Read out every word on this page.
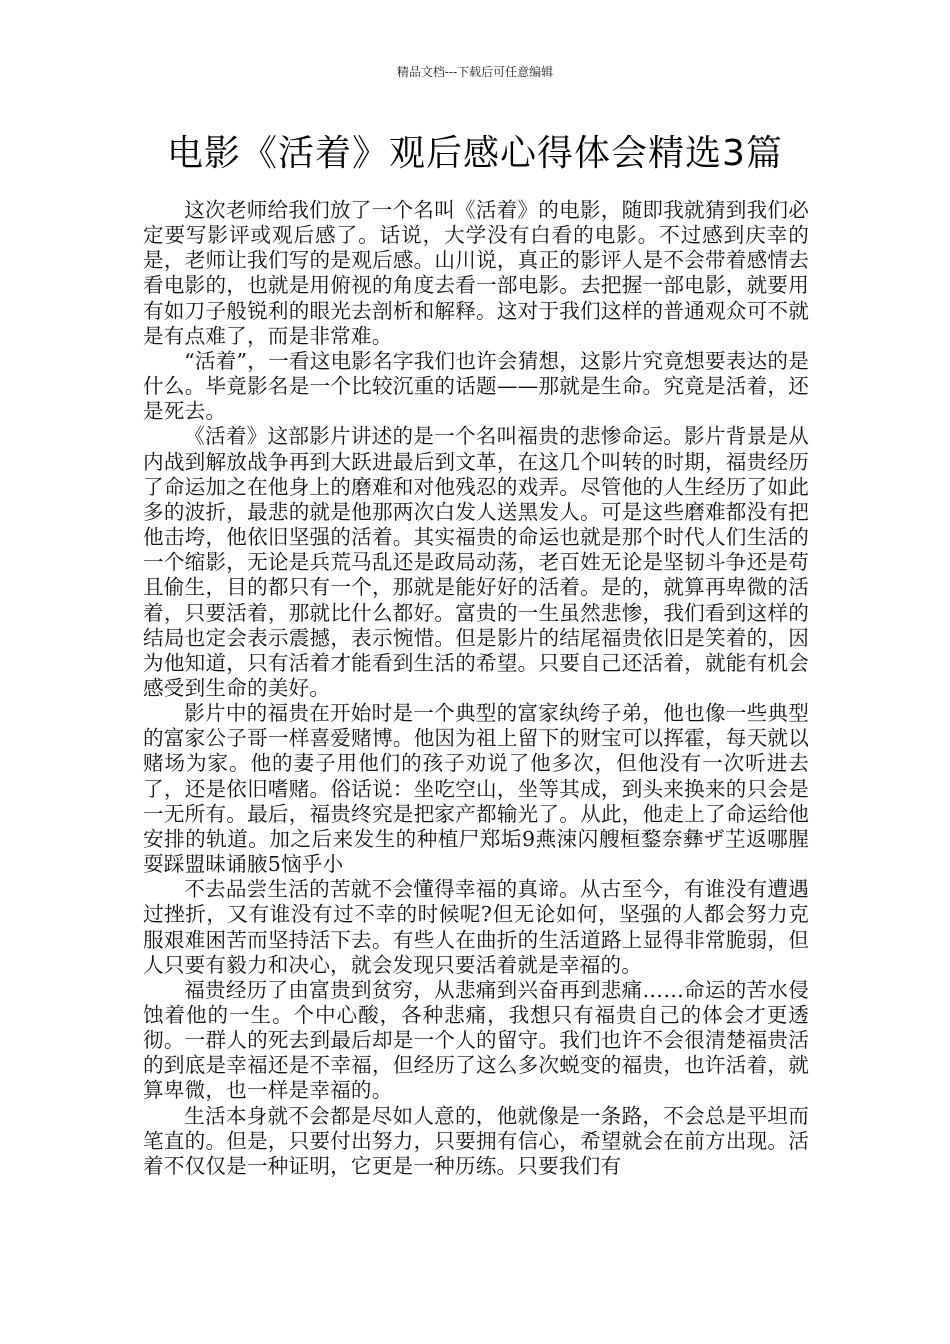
精品文档---下载后可任意编辑
电影《活着》观后感心得体会精选3篇

这次老师给我们放了一个名叫《活着》的电影，随即我就猜到我们必定要写影评或观后感了。话说，大学没有白看的电影。不过感到庆幸的是，老师让我们写的是观后感。山川说，真正的影评人是不会带着感情去看电影的，也就是用俯视的角度去看一部电影。去把握一部电影，就要用有如刀子般锐利的眼光去剖析和解释。这对于我们这样的普通观众可不就是有点难了，而是非常难。

“活着”，一看这电影名字我们也许会猜想，这影片究竟想要表达的是什么。毕竟影名是一个比较沉重的话题——那就是生命。究竟是活着，还是死去。

《活着》这部影片讲述的是一个名叫福贵的悲惨命运。影片背景是从内战到解放战争再到大跃进最后到文革，在这几个叫转的时期，福贵经历了命运加之在他身上的磨难和对他残忍的戏弄。尽管他的人生经历了如此多的波折，最悲的就是他那两次白发人送黑发人。可是这些磨难都没有把他击垮，他依旧坚强的活着。其实福贵的命运也就是那个时代人们生活的一个缩影，无论是兵荒马乱还是政局动荡，老百姓无论是坚韧斗争还是苟且偷生，目的都只有一个，那就是能好好的活着。是的，就算再卑微的活着，只要活着，那就比什么都好。富贵的一生虽然悲惨，我们看到这样的结局也定会表示震撼，表示惋惜。但是影片的结尾福贵依旧是笑着的，因为他知道，只有活着才能看到生活的希望。只要自己还活着，就能有机会感受到生命的美好。

影片中的福贵在开始时是一个典型的富家纨绔子弟，他也像一些典型的富家公子哥一样喜爱赌博。他因为祖上留下的财宝可以挥霍，每天就以赌场为家。他的妻子用他们的孩子劝说了他多次，但他没有一次听进去了，还是依旧嗜赌。俗话说：坐吃空山，坐等其成，到头来换来的只会是一无所有。最后，福贵终究是把家产都输光了。从此，他走上了命运给他安排的轨道。加之后来发生的种植尸郑垢9燕涑闪艘桓鍪奈彝ザ芏返哪腥耍踩盟昧诵腋5恼乎小

不去品尝生活的苦就不会懂得幸福的真谛。从古至今，有谁没有遭遇过挫折，又有谁没有过不幸的时候呢?但无论如何，坚强的人都会努力克服艰难困苦而坚持活下去。有些人在曲折的生活道路上显得非常脆弱，但人只要有毅力和决心，就会发现只要活着就是幸福的。

福贵经历了由富贵到贫穷，从悲痛到兴奋再到悲痛……命运的苦水侵蚀着他的一生。个中心酸，各种悲痛，我想只有福贵自己的体会才更透彻。一群人的死去到最后却是一个人的留守。我们也许不会很清楚福贵活的到底是幸福还是不幸福，但经历了这么多次蜕变的福贵，也许活着，就算卑微，也一样是幸福的。

生活本身就不会都是尽如人意的，他就像是一条路，不会总是平坦而笔直的。但是，只要付出努力，只要拥有信心，希望就会在前方出现。活着不仅仅是一种证明，它更是一种历练。只要我们有
